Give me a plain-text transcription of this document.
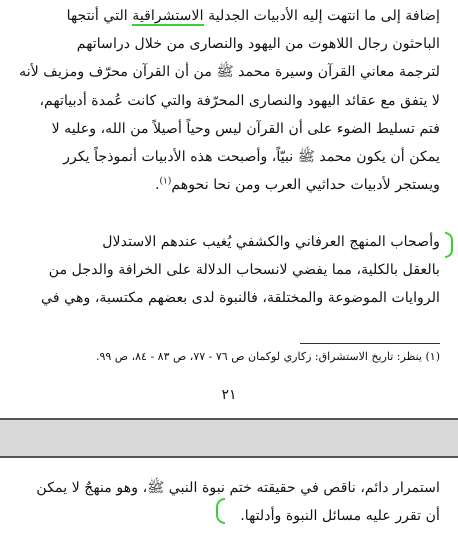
إضافة إلى ما انتهت إليه الأدبيات الجدلية الاستشراقية التي أنتجها
الباحثون رجال اللاهوت من اليهود والنصارى من خلال دراساتهم
لترجمة معاني القرآن وسيرة محمد ﷺ من أن القرآن محرّف ومزيف لأنه
لا يتفق مع عقائد اليهود والنصارى المحرّفة والتي كانت عُمدة أدبياتهم،
فتم تسليط الضوء على أن القرآن ليس وحياً أصيلاً من الله، وعليه لا
يمكن أن يكون محمد ﷺ نبيّاً، وأصبحت هذه الأدبيات أنموذجاً يكرر
ويستجر لأدبيات حداثيي العرب ومن نحا نحوهم$^{(١)}$.

وأصحاب المنهج العرفاني والكشفي يُغيب عندهم الاستدلال
بالعقل بالكلية، مما يفضي لانسحاب الدلالة على الخرافة والدجل من
الروايات الموضوعة والمختلقة، فالنبوة لدى بعضهم مكتسبة، وهي في

(١) ينظر: تاريخ الاستشراق: زكاري لوكمان ص ٧٦ - ٧٧، ص ٨٣ - ٨٤، ص ٩٩.
٢١

استمرار دائم، ناقص في حقيقته ختم نبوة النبي ﷺ، وهو منهجٌ لا يمكن
أن تقرر عليه مسائل النبوة وأدلتها.
